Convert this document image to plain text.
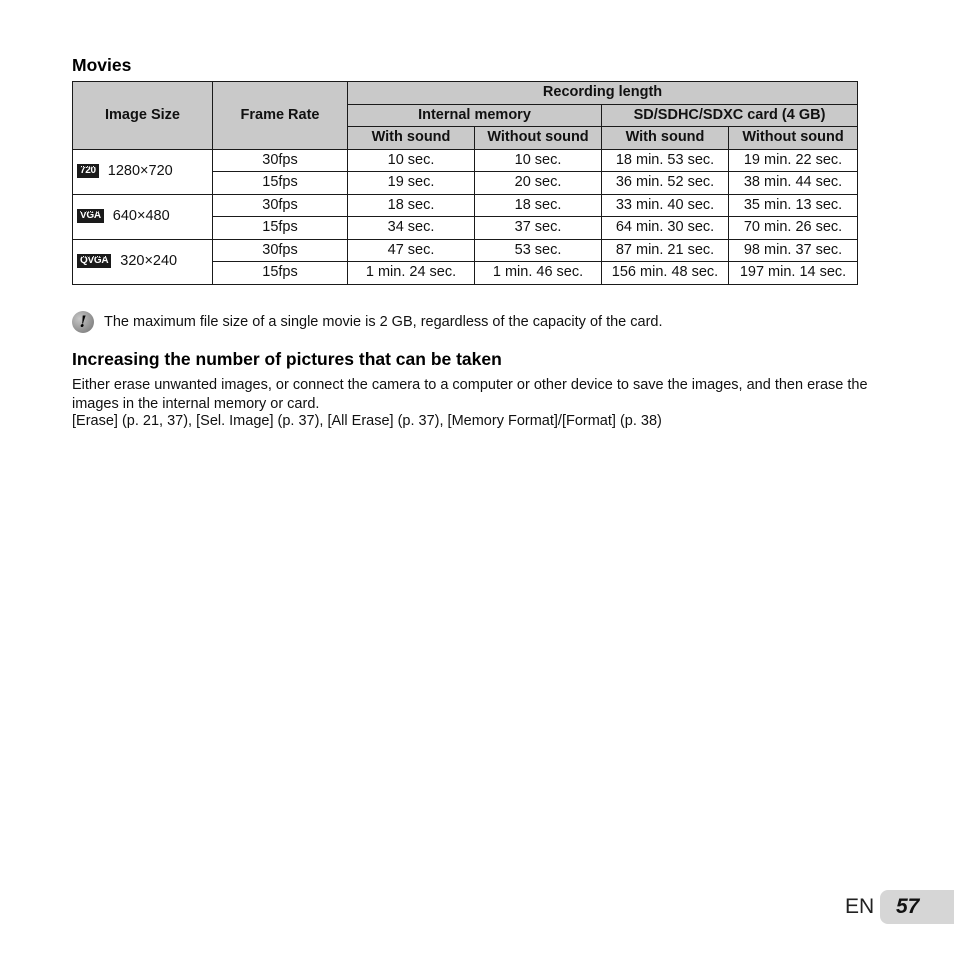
Movies
Image Size	Frame Rate	Recording length			
		Internal memory		SD/SDHC/SDXC card (4 GB)	
		With sound	Without sound	With sound	Without sound
720 1280×720	30fps	10 sec.	10 sec.	18 min. 53 sec.	19 min. 22 sec.
	15fps	19 sec.	20 sec.	36 min. 52 sec.	38 min. 44 sec.
VGA 640×480	30fps	18 sec.	18 sec.	33 min. 40 sec.	35 min. 13 sec.
	15fps	34 sec.	37 sec.	64 min. 30 sec.	70 min. 26 sec.
QVGA 320×240	30fps	47 sec.	53 sec.	87 min. 21 sec.	98 min. 37 sec.
	15fps	1 min. 24 sec.	1 min. 46 sec.	156 min. 48 sec.	197 min. 14 sec.
!	The maximum file size of a single movie is 2 GB, regardless of the capacity of the card.
Increasing the number of pictures that can be taken

Either erase unwanted images, or connect the camera to a computer or other device to save the images, and then erase the images in the internal memory or card.

[Erase] (p. 21, 37), [Sel. Image] (p. 37), [All Erase] (p. 37), [Memory Format]/[Format] (p. 38)

EN	57
